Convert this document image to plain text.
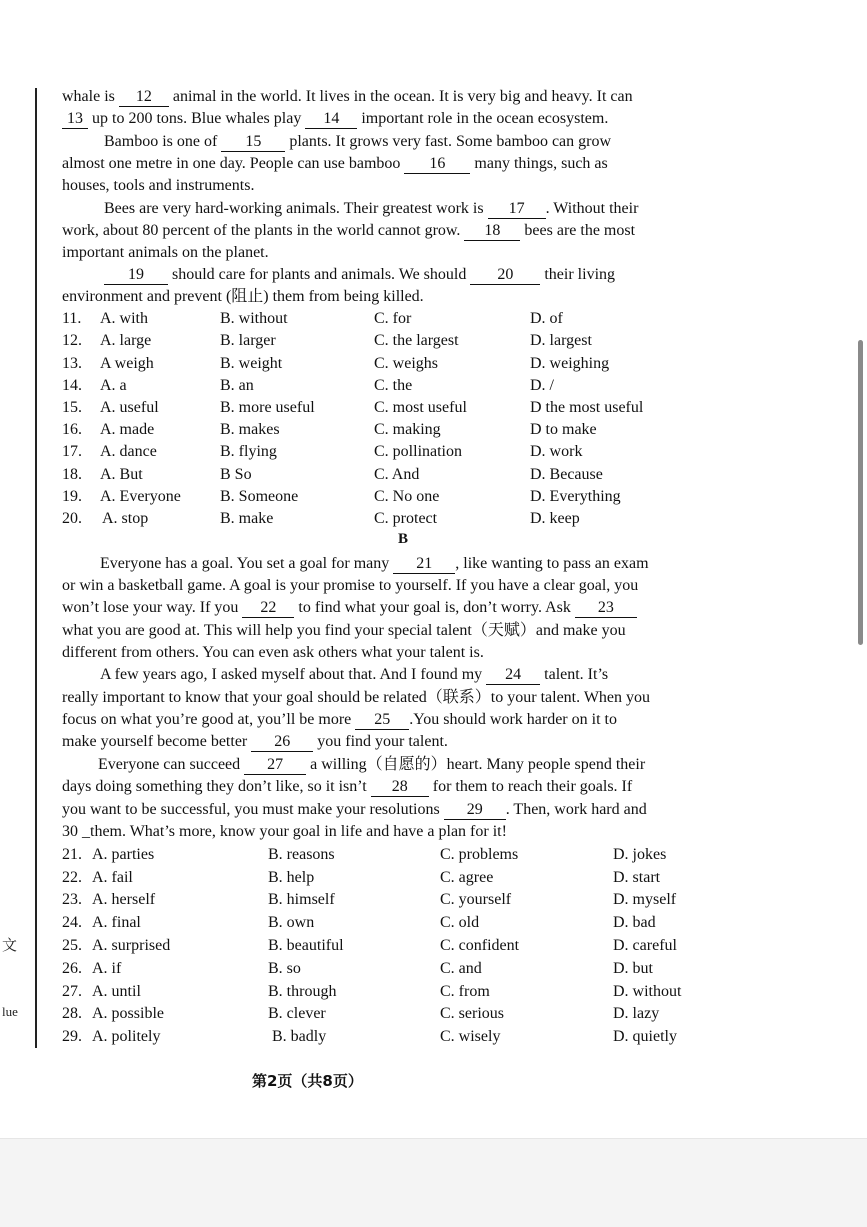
文
lue
whale is 12 animal in the world. It lives in the ocean. It is very big and heavy. It can
13 up to 200 tons. Blue whales play 14 important role in the ocean ecosystem.
Bamboo is one of 15 plants. It grows very fast. Some bamboo can grow
almost one metre in one day. People can use bamboo 16 many things, such as
houses, tools and instruments.
Bees are very hard-working animals. Their greatest work is 17 . Without their
work, about 80 percent of the plants in the world cannot grow. 18 bees are the most
important animals on the planet.
19 should care for plants and animals. We should 20 their living
environment and prevent (阻止) them from being killed.
11. A. with	B. without	C. for	D. of
12. A. large	B. larger	C. the largest	D. largest
13. A weigh	B. weight	C. weighs	D. weighing
14. A. a	B. an	C. the	D. /
15. A. useful	B. more useful	C. most useful	D the most useful
16. A. made	B. makes	C. making	D to make
17. A. dance	B. flying	C. pollination	D. work
18. A. But	B So	C. And	D. Because
19. A. Everyone B. Someone	C. No one	D. Everything
20. A. stop	B. make	C. protect	D. keep
B
Everyone has a goal. You set a goal for many 21 , like wanting to pass an exam
or win a basketball game. A goal is your promise to yourself. If you have a clear goal, you
won’t lose your way. If you 22 to find what your goal is, don’t worry. Ask 23
what you are good at. This will help you find your special talent（天赋）and make you
different from others. You can even ask others what your talent is.
A few years ago, I asked myself about that. And I found my 24 talent. It’s
really important to know that your goal should be related（联系）to your talent. When you
focus on what you’re good at, you’ll be more 25 .You should work harder on it to
make yourself become better 26 you find your talent.
Everyone can succeed 27 a willing（自愿的）heart. Many people spend their
days doing something they don’t like, so it isn’t 28 for them to reach their goals. If
you want to be successful, you must make your resolutions 29 . Then, work hard and
30 _them. What’s more, know your goal in life and have a plan for it!
21. A. parties	B. reasons	C. problems	D. jokes
22. A. fail	B. help	C. agree	D. start
23. A. herself	B. himself	C. yourself	D. myself
24. A. final	B. own	C. old	D. bad
25. A. surprised	B. beautiful	C. confident	D. careful
26. A. if	B. so	C. and	D. but
27. A. until	B. through	C. from	D. without
28. A. possible	B. clever	C. serious	D. lazy
29. A. politely	B. badly	C. wisely	D. quietly
第2页（共8页）
